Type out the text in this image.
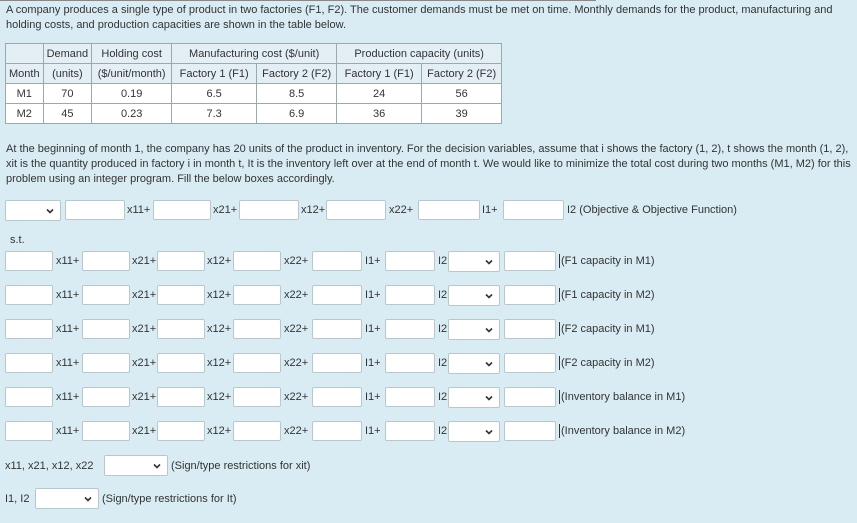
A company produces a single type of product in two factories (F1, F2). The customer demands must be met on time. Monthly demands for the product, manufacturing and holding costs, and production capacities are shown in the table below.
	Demand	Holding cost	Manufacturing cost ($/unit)		Production capacity (units)	
Month	(units)	($/unit/month)	Factory 1 (F1)	Factory 2 (F2)	Factory 1 (F1)	Factory 2 (F2)
M1	70	0.19	6.5	8.5	24	56
M2	45	0.23	7.3	6.9	36	39
At the beginning of month 1, the company has 20 units of the product in inventory. For the decision variables, assume that i shows the factory (1, 2), t shows the month (1, 2), xit is the quantity produced in factory i in month t, It is the inventory left over at the end of month t. We would like to minimize the total cost during two months (M1, M2) for this problem using an integer program. Fill the below boxes accordingly.
x11+	x21+	x12+	x22+	I1+	I2 (Objective & Objective Function)
s.t.
x11+	x21+	x12+	x22+	I1+	I2	(F1 capacity in M1)
x11+	x21+	x12+	x22+	I1+	I2	(F1 capacity in M2)
x11+	x21+	x12+	x22+	I1+	I2	(F2 capacity in M1)
x11+	x21+	x12+	x22+	I1+	I2	(F2 capacity in M2)
x11+	x21+	x12+	x22+	I1+	I2	(Inventory balance in M1)
x11+	x21+	x12+	x22+	I1+	I2	(Inventory balance in M2)
x11, x21, x12, x22	(Sign/type restrictions for xit)
I1, I2	(Sign/type restrictions for It)
